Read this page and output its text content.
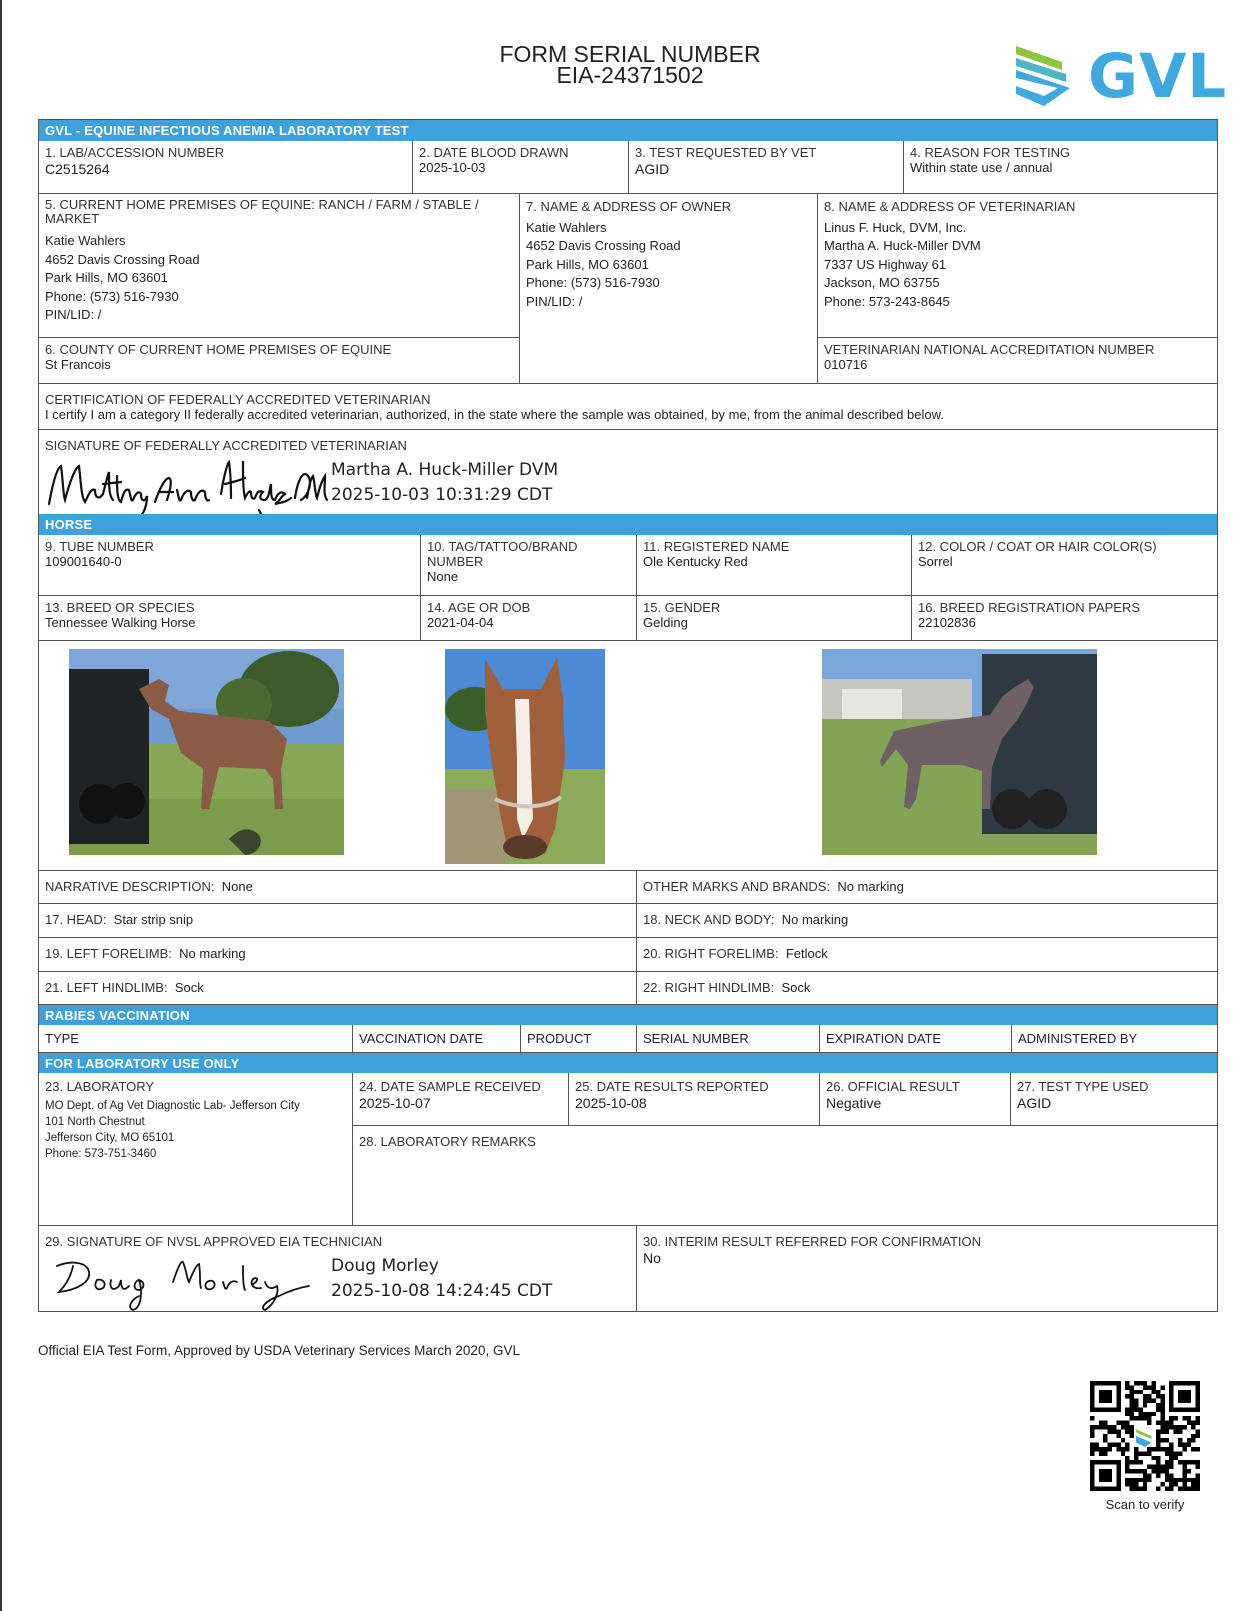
FORM SERIAL NUMBER
EIA-24371502	GVL
GVL - EQUINE INFECTIOUS ANEMIA LABORATORY TEST
1. LAB/ACCESSION NUMBER
C2515264
2. DATE BLOOD DRAWN
2025-10-03
3. TEST REQUESTED BY VET
AGID
4. REASON FOR TESTING
Within state use / annual
5. CURRENT HOME PREMISES OF EQUINE: RANCH / FARM / STABLE / MARKET
Katie Wahlers
4652 Davis Crossing Road
Park Hills, MO 63601
Phone: (573) 516-7930
PIN/LID: /
6. COUNTY OF CURRENT HOME PREMISES OF EQUINE
St Francois
7. NAME & ADDRESS OF OWNER
Katie Wahlers
4652 Davis Crossing Road
Park Hills, MO 63601
Phone: (573) 516-7930
PIN/LID: /
8. NAME & ADDRESS OF VETERINARIAN
Linus F. Huck, DVM, Inc.
Martha A. Huck-Miller DVM
7337 US Highway 61
Jackson, MO 63755
Phone: 573-243-8645
VETERINARIAN NATIONAL ACCREDITATION NUMBER
010716
CERTIFICATION OF FEDERALLY ACCREDITED VETERINARIAN
I certify I am a category II federally accredited veterinarian, authorized, in the state where the sample was obtained, by me, from the animal described below.
SIGNATURE OF FEDERALLY ACCREDITED VETERINARIAN
Martha A. Huck-Miller DVM
2025-10-03 10:31:29 CDT
HORSE
9. TUBE NUMBER
109001640-0
10. TAG/TATTOO/BRAND NUMBER
None
11. REGISTERED NAME
Ole Kentucky Red
12. COLOR / COAT OR HAIR COLOR(S)
Sorrel
13. BREED OR SPECIES
Tennessee Walking Horse
14. AGE OR DOB
2021-04-04
15. GENDER
Gelding
16. BREED REGISTRATION PAPERS
22102836
NARRATIVE DESCRIPTION: None	OTHER MARKS AND BRANDS: No marking
17. HEAD: Star strip snip	18. NECK AND BODY: No marking
19. LEFT FORELIMB: No marking	20. RIGHT FORELIMB: Fetlock
21. LEFT HINDLIMB: Sock	22. RIGHT HINDLIMB: Sock
RABIES VACCINATION
TYPE	VACCINATION DATE	PRODUCT	SERIAL NUMBER	EXPIRATION DATE	ADMINISTERED BY
FOR LABORATORY USE ONLY
23. LABORATORY
MO Dept. of Ag Vet Diagnostic Lab- Jefferson City
101 North Chestnut
Jefferson City, MO 65101
Phone: 573-751-3460
24. DATE SAMPLE RECEIVED
2025-10-07
25. DATE RESULTS REPORTED
2025-10-08
26. OFFICIAL RESULT
Negative
27. TEST TYPE USED
AGID
28. LABORATORY REMARKS
29. SIGNATURE OF NVSL APPROVED EIA TECHNICIAN
Doug Morley
2025-10-08 14:24:45 CDT
30. INTERIM RESULT REFERRED FOR CONFIRMATION
No
Official EIA Test Form, Approved by USDA Veterinary Services March 2020, GVL
Scan to verify
